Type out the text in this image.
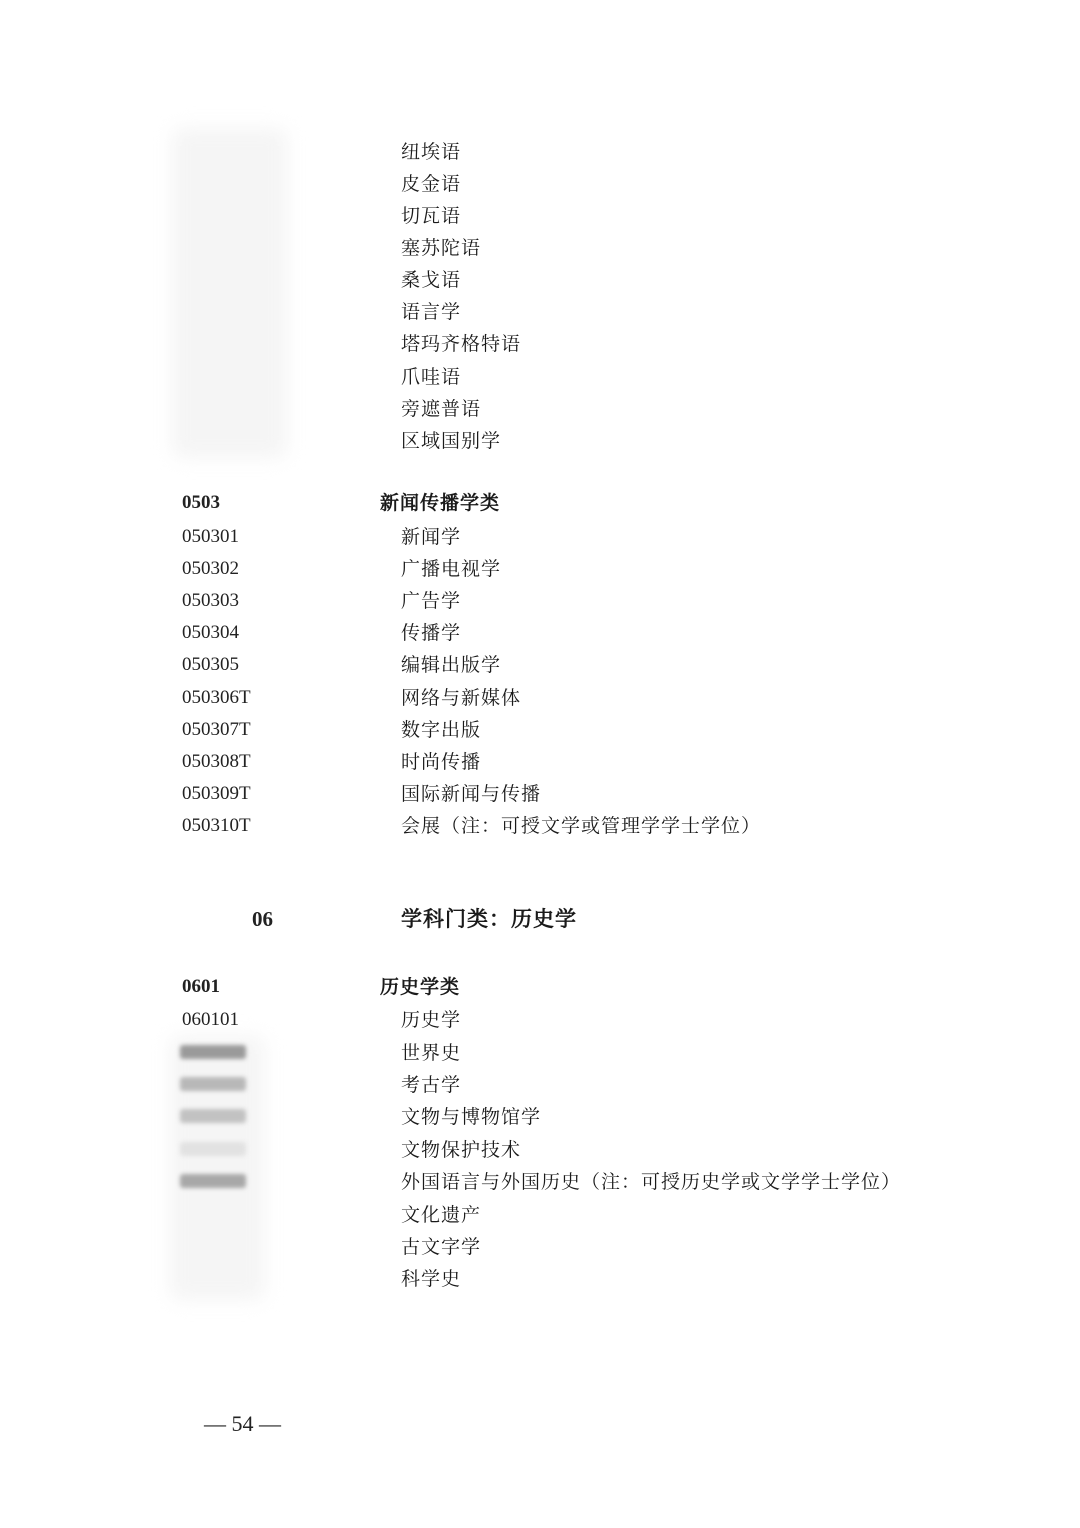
纽埃语
皮金语
切瓦语
塞苏陀语
桑戈语
语言学
塔玛齐格特语
爪哇语
旁遮普语
区域国别学
0503	新闻传播学类
050301	新闻学
050302	广播电视学
050303	广告学
050304	传播学
050305	编辑出版学
050306T	网络与新媒体
050307T	数字出版
050308T	时尚传播
050309T	国际新闻与传播
050310T	会展（注：可授文学或管理学学士学位）
06	学科门类：历史学
0601	历史学类
060101	历史学
世界史
考古学
文物与博物馆学
文物保护技术
外国语言与外国历史（注：可授历史学或文学学士学位）
文化遗产
古文字学
科学史
— 54 —
